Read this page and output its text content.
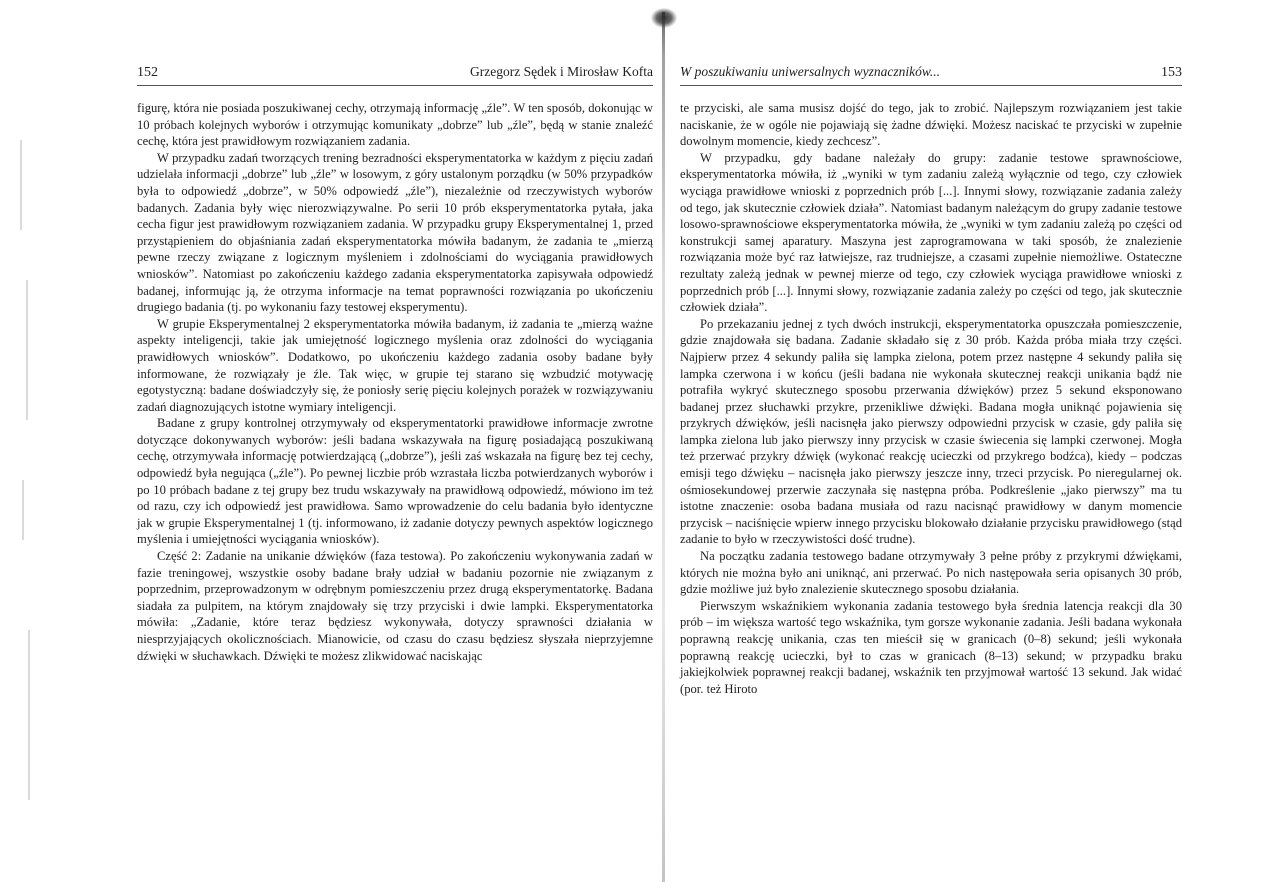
152	Grzegorz Sędek i Mirosław Kofta

figurę, która nie posiada poszukiwanej cechy, otrzymają informację „źle”. W ten sposób, dokonując w 10 próbach kolejnych wyborów i otrzymując komunikaty „dobrze” lub „źle”, będą w stanie znaleźć cechę, która jest prawidłowym rozwiązaniem zadania.

W przypadku zadań tworzących trening bezradności eksperymentatorka w każdym z pięciu zadań udzielała informacji „dobrze” lub „źle” w losowym, z góry ustalonym porządku (w 50% przypadków była to odpowiedź „dobrze”, w 50% odpowiedź „źle”), niezależnie od rzeczywistych wyborów badanych. Zadania były więc nierozwiązywalne. Po serii 10 prób eksperymentatorka pytała, jaka cecha figur jest prawidłowym rozwiązaniem zadania. W przypadku grupy Eksperymentalnej 1, przed przystąpieniem do objaśniania zadań eksperymentatorka mówiła badanym, że zadania te „mierzą pewne rzeczy związane z logicznym myśleniem i zdolnościami do wyciągania prawidłowych wniosków”. Natomiast po zakończeniu każdego zadania eksperymentatorka zapisywała odpowiedź badanej, informując ją, że otrzyma informacje na temat poprawności rozwiązania po ukończeniu drugiego badania (tj. po wykonaniu fazy testowej eksperymentu).

W grupie Eksperymentalnej 2 eksperymentatorka mówiła badanym, iż zadania te „mierzą ważne aspekty inteligencji, takie jak umiejętność logicznego myślenia oraz zdolności do wyciągania prawidłowych wniosków”. Dodatkowo, po ukończeniu każdego zadania osoby badane były informowane, że rozwiązały je źle. Tak więc, w grupie tej starano się wzbudzić motywację egotystyczną: badane doświadczyły się, że poniosły serię pięciu kolejnych porażek w rozwiązywaniu zadań diagnozujących istotne wymiary inteligencji.

Badane z grupy kontrolnej otrzymywały od eksperymentatorki prawidłowe informacje zwrotne dotyczące dokonywanych wyborów: jeśli badana wskazywała na figurę posiadającą poszukiwaną cechę, otrzymywała informację potwierdzającą („dobrze”), jeśli zaś wskazała na figurę bez tej cechy, odpowiedź była negująca („źle”). Po pewnej liczbie prób wzrastała liczba potwierdzanych wyborów i po 10 próbach badane z tej grupy bez trudu wskazywały na prawidłową odpowiedź, mówiono im też od razu, czy ich odpowiedź jest prawidłowa. Samo wprowadzenie do celu badania było identyczne jak w grupie Eksperymentalnej 1 (tj. informowano, iż zadanie dotyczy pewnych aspektów logicznego myślenia i umiejętności wyciągania wniosków).

Część 2: Zadanie na unikanie dźwięków (faza testowa). Po zakończeniu wykonywania zadań w fazie treningowej, wszystkie osoby badane brały udział w badaniu pozornie nie związanym z poprzednim, przeprowadzonym w odrębnym pomieszczeniu przez drugą eksperymentatorkę. Badana siadała za pulpitem, na którym znajdowały się trzy przyciski i dwie lampki. Eksperymentatorka mówiła: „Zadanie, które teraz będziesz wykonywała, dotyczy sprawności działania w niesprzyjających okolicznościach. Mianowicie, od czasu do czasu będziesz słyszała nieprzyjemne dźwięki w słuchawkach. Dźwięki te możesz zlikwidować naciskając

W poszukiwaniu uniwersalnych wyznaczników...	153

te przyciski, ale sama musisz dojść do tego, jak to zrobić. Najlepszym rozwiązaniem jest takie naciskanie, że w ogóle nie pojawiają się żadne dźwięki. Możesz naciskać te przyciski w zupełnie dowolnym momencie, kiedy zechcesz”.

W przypadku, gdy badane należały do grupy: zadanie testowe sprawnościowe, eksperymentatorka mówiła, iż „wyniki w tym zadaniu zależą wyłącznie od tego, czy człowiek wyciąga prawidłowe wnioski z poprzednich prób [...]. Innymi słowy, rozwiązanie zadania zależy od tego, jak skutecznie człowiek działa”. Natomiast badanym należącym do grupy zadanie testowe losowo-sprawnościowe eksperymentatorka mówiła, że „wyniki w tym zadaniu zależą po części od konstrukcji samej aparatury. Maszyna jest zaprogramowana w taki sposób, że znalezienie rozwiązania może być raz łatwiejsze, raz trudniejsze, a czasami zupełnie niemożliwe. Ostateczne rezultaty zależą jednak w pewnej mierze od tego, czy człowiek wyciąga prawidłowe wnioski z poprzednich prób [...]. Innymi słowy, rozwiązanie zadania zależy po części od tego, jak skutecznie człowiek działa”.

Po przekazaniu jednej z tych dwóch instrukcji, eksperymentatorka opuszczała pomieszczenie, gdzie znajdowała się badana. Zadanie składało się z 30 prób. Każda próba miała trzy części. Najpierw przez 4 sekundy paliła się lampka zielona, potem przez następne 4 sekundy paliła się lampka czerwona i w końcu (jeśli badana nie wykonała skutecznej reakcji unikania bądź nie potrafiła wykryć skutecznego sposobu przerwania dźwięków) przez 5 sekund eksponowano badanej przez słuchawki przykre, przenikliwe dźwięki. Badana mogła uniknąć pojawienia się przykrych dźwięków, jeśli nacisnęła jako pierwszy odpowiedni przycisk w czasie, gdy paliła się lampka zielona lub jako pierwszy inny przycisk w czasie świecenia się lampki czerwonej. Mogła też przerwać przykry dźwięk (wykonać reakcję ucieczki od przykrego bodźca), kiedy – podczas emisji tego dźwięku – nacisnęła jako pierwszy jeszcze inny, trzeci przycisk. Po nieregularnej ok. ośmiosekundowej przerwie zaczynała się następna próba. Podkreślenie „jako pierwszy” ma tu istotne znaczenie: osoba badana musiała od razu nacisnąć prawidłowy w danym momencie przycisk – naciśnięcie wpierw innego przycisku blokowało działanie przycisku prawidłowego (stąd zadanie to było w rzeczywistości dość trudne).

Na początku zadania testowego badane otrzymywały 3 pełne próby z przykrymi dźwiękami, których nie można było ani uniknąć, ani przerwać. Po nich następowała seria opisanych 30 prób, gdzie możliwe już było znalezienie skutecznego sposobu działania.

Pierwszym wskaźnikiem wykonania zadania testowego była średnia latencja reakcji dla 30 prób – im większa wartość tego wskaźnika, tym gorsze wykonanie zadania. Jeśli badana wykonała poprawną reakcję unikania, czas ten mieścił się w granicach (0–8) sekund; jeśli wykonała poprawną reakcję ucieczki, był to czas w granicach (8–13) sekund; w przypadku braku jakiejkolwiek poprawnej reakcji badanej, wskaźnik ten przyjmował wartość 13 sekund. Jak widać (por. też Hiroto
